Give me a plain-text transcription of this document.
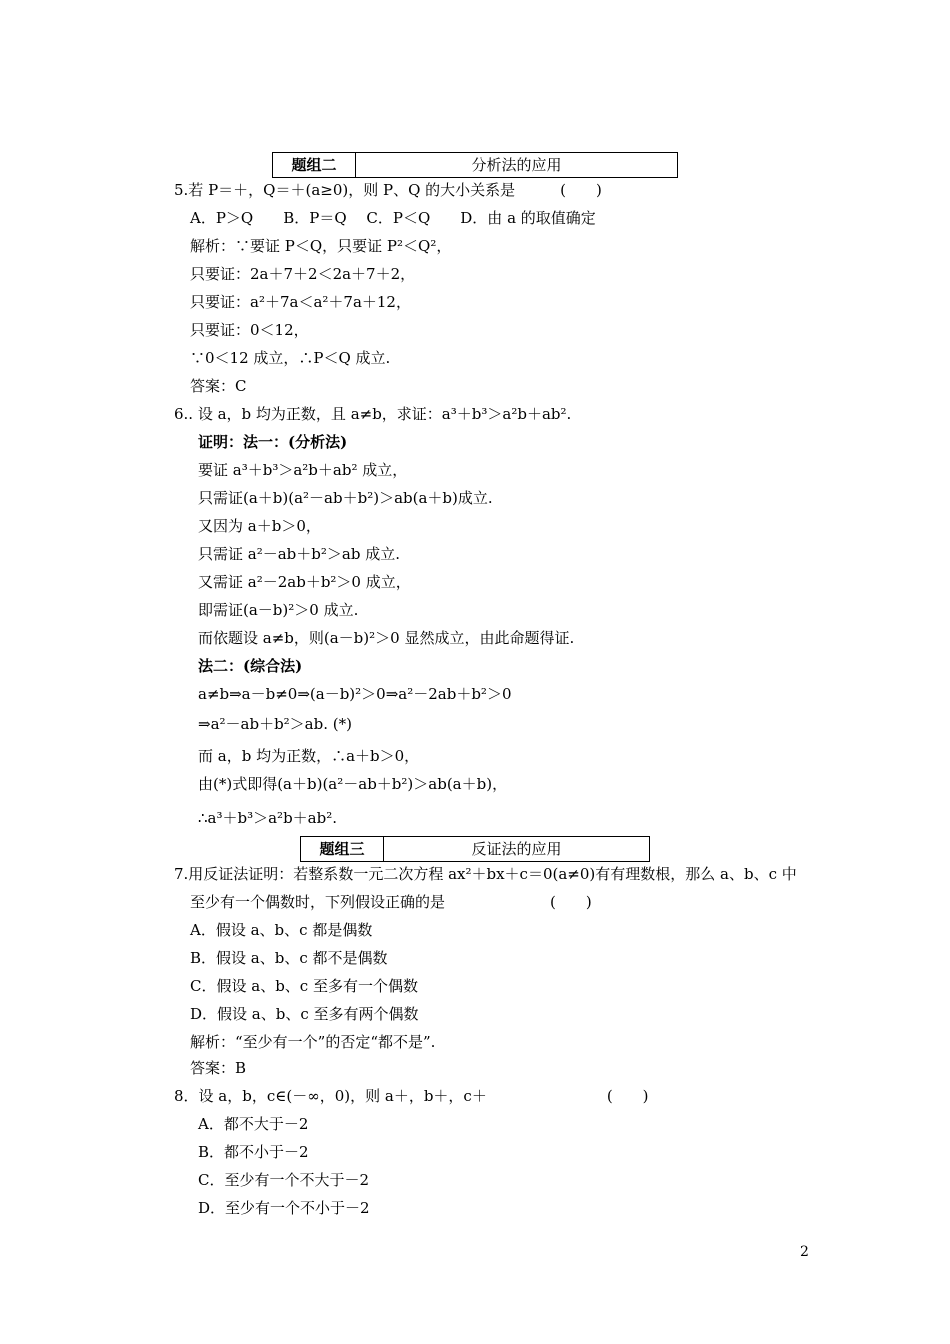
题组二	分析法的应用
5.若 P＝＋，Q＝＋(a≥0)，则 P、Q 的大小关系是　　　(　　)
A．P＞Q　　B．P＝Q　 C．P＜Q　　D．由 a 的取值确定
解析：∵要证 P＜Q，只要证 P²＜Q²，
只要证：2a＋7＋2＜2a＋7＋2，
只要证：a²＋7a＜a²＋7a＋12，
只要证：0＜12，
∵0＜12 成立，∴P＜Q 成立.
答案：C
6.. 设 a，b 均为正数，且 a≠b，求证：a³＋b³＞a²b＋ab².
证明：法一：(分析法)
要证 a³＋b³＞a²b＋ab² 成立，
只需证(a＋b)(a²－ab＋b²)＞ab(a＋b)成立.
又因为 a＋b＞0，
只需证 a²－ab＋b²＞ab 成立.
又需证 a²－2ab＋b²＞0 成立，
即需证(a－b)²＞0 成立.
而依题设 a≠b，则(a－b)²＞0 显然成立，由此命题得证.
法二：(综合法)
a≠b⇒a－b≠0⇒(a－b)²＞0⇒a²－2ab＋b²＞0
⇒a²－ab＋b²＞ab. (*)
而 a，b 均为正数，∴a＋b＞0，
由(*)式即得(a＋b)(a²－ab＋b²)＞ab(a＋b)，
∴a³＋b³＞a²b＋ab².
题组三	反证法的应用
7.用反证法证明：若整系数一元二次方程 ax²＋bx＋c＝0(a≠0)有有理数根，那么 a、b、c 中
至少有一个偶数时，下列假设正确的是　　　　　　　(　　)
A．假设 a、b、c 都是偶数
B．假设 a、b、c 都不是偶数
C．假设 a、b、c 至多有一个偶数
D．假设 a、b、c 至多有两个偶数
解析：“至少有一个”的否定“都不是”.
答案：B
8．设 a，b，c∈(－∞，0)，则 a＋，b＋，c＋　　　　　　　　(　　)
A．都不大于－2
B．都不小于－2
C．至少有一个不大于－2
D．至少有一个不小于－2
2
